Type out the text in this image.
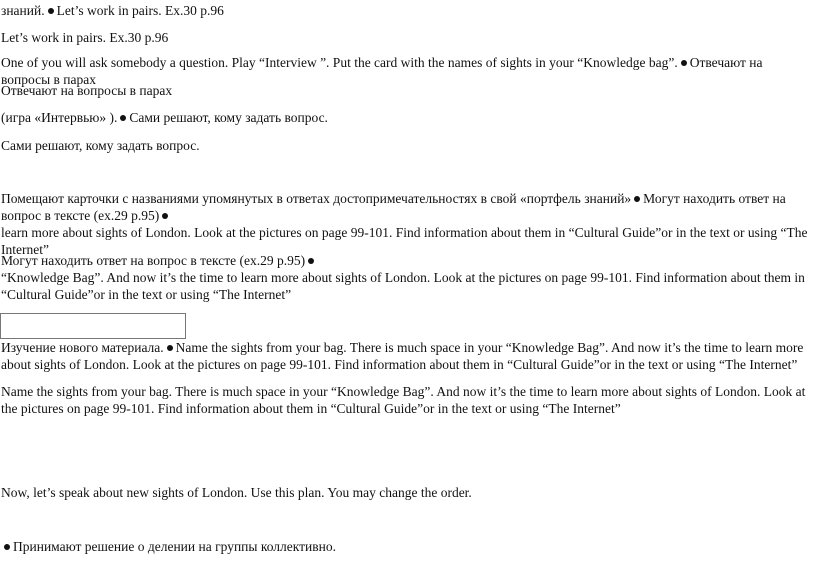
знаний. Let’s work in pairs. Ex.30 p.96
Let’s work in pairs. Ex.30 p.96
One of you will ask somebody a question. Play “Interview ”. Put the card with the names of sights in your “Knowledge bag”. Отвечают на вопросы в парах
Отвечают на вопросы в парах
(игра «Интервью» ). Сами решают, кому задать вопрос.
Сами решают, кому задать вопрос.
Помещают карточки с названиями упомянутых в ответах достопримечательностях в свой «портфель знаний» Могут находить ответ на вопрос в тексте (ex.29 p.95)
learn more about sights of London. Look at the pictures on page 99-101. Find information about them in “Cultural Guide”or in the text or using “The Internet”
Могут находить ответ на вопрос в тексте (ex.29 p.95)
“Knowledge Bag”. And now it’s the time to learn more about sights of London. Look at the pictures on page 99-101. Find information about them in “Cultural Guide”or in the text or using “The Internet”
Изучение нового материала. Name the sights from your bag. There is much space in your “Knowledge Bag”. And now it’s the time to learn more about sights of London. Look at the pictures on page 99-101. Find information about them in “Cultural Guide”or in the text or using “The Internet”
Name the sights from your bag. There is much space in your “Knowledge Bag”. And now it’s the time to learn more about sights of London. Look at the pictures on page 99-101. Find information about them in “Cultural Guide”or in the text or using “The Internet”
Now, let’s speak about new sights of London. Use this plan. You may change the order.
Принимают решение о делении на группы коллективно.
